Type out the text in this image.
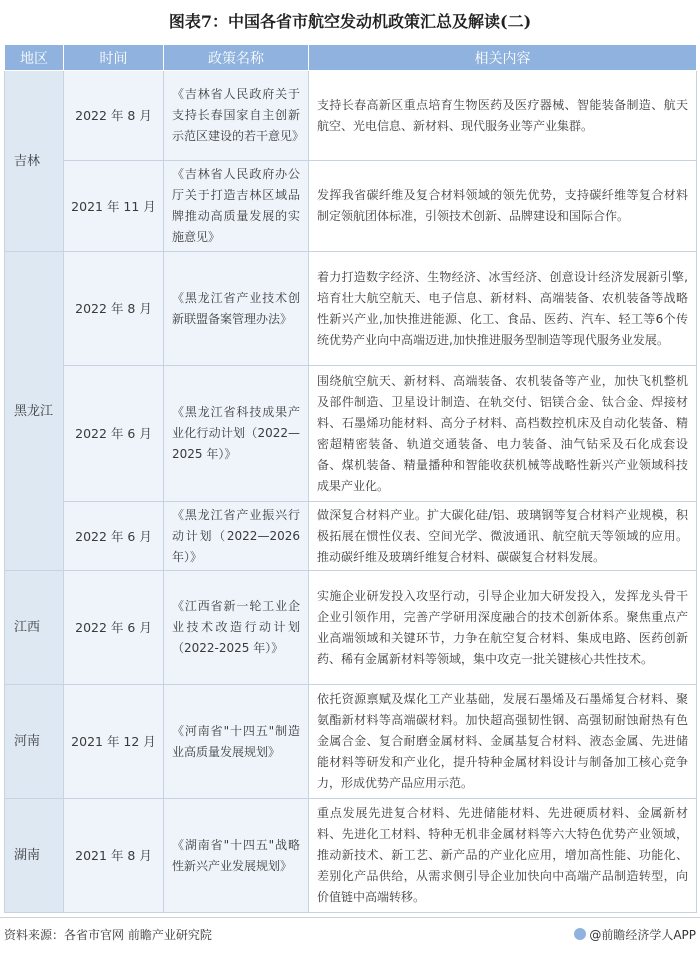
图表7：中国各省市航空发动机政策汇总及解读(二)
地区	时间	政策名称	相关内容
吉林	2022 年 8 月	《吉林省人民政府关于支持长春国家自主创新示范区建设的若干意见》	支持长春高新区重点培育生物医药及医疗器械、智能装备制造、航天航空、光电信息、新材料、现代服务业等产业集群。
	2021 年 11 月	《吉林省人民政府办公厅关于打造吉林区域品牌推动高质量发展的实施意见》	发挥我省碳纤维及复合材料领域的领先优势，支持碳纤维等复合材料制定领航团体标准，引领技术创新、品牌建设和国际合作。
黑龙江	2022 年 8 月	《黑龙江省产业技术创新联盟备案管理办法》	着力打造数字经济、生物经济、冰雪经济、创意设计经济发展新引擎,培育壮大航空航天、电子信息、新材料、高端装备、农机装备等战略性新兴产业,加快推进能源、化工、食品、医药、汽车、轻工等6个传统优势产业向中高端迈进,加快推进服务型制造等现代服务业发展。
	2022 年 6 月	《黑龙江省科技成果产业化行动计划（2022—2025 年）》	围绕航空航天、新材料、高端装备、农机装备等产业，加快飞机整机及部件制造、卫星设计制造、在轨交付、铝镁合金、钛合金、焊接材料、石墨烯功能材料、高分子材料、高档数控机床及自动化装备、精密超精密装备、轨道交通装备、电力装备、油气钻采及石化成套设备、煤机装备、精量播种和智能收获机械等战略性新兴产业领域科技成果产业化。
	2022 年 6 月	《黑龙江省产业振兴行动计划（2022—2026 年）》	做深复合材料产业。扩大碳化硅/铝、玻璃钢等复合材料产业规模，积极拓展在惯性仪表、空间光学、微波通讯、航空航天等领域的应用。推动碳纤维及玻璃纤维复合材料、碳碳复合材料发展。
江西	2022 年 6 月	《江西省新一轮工业企业技术改造行动计划（2022-2025 年）》	实施企业研发投入攻坚行动，引导企业加大研发投入，发挥龙头骨干企业引领作用，完善产学研用深度融合的技术创新体系。聚焦重点产业高端领域和关键环节，力争在航空复合材料、集成电路、医药创新药、稀有金属新材料等领域，集中攻克一批关键核心共性技术。
河南	2021 年 12 月	《河南省"十四五"制造业高质量发展规划》	依托资源禀赋及煤化工产业基础，发展石墨烯及石墨烯复合材料、聚氨酯新材料等高端碳材料。加快超高强韧性钢、高强韧耐蚀耐热有色金属合金、复合耐磨金属材料、金属基复合材料、液态金属、先进储能材料等研发和产业化，提升特种金属材料设计与制备加工核心竞争力，形成优势产品应用示范。
湖南	2021 年 8 月	《湖南省"十四五"战略性新兴产业发展规划》	重点发展先进复合材料、先进储能材料、先进硬质材料、金属新材料、先进化工材料、特种无机非金属材料等六大特色优势产业领域，推动新技术、新工艺、新产品的产业化应用，增加高性能、功能化、差别化产品供给，从需求侧引导企业加快向中高端产品制造转型，向价值链中高端转移。
资料来源：各省市官网 前瞻产业研究院	@前瞻经济学人APP
